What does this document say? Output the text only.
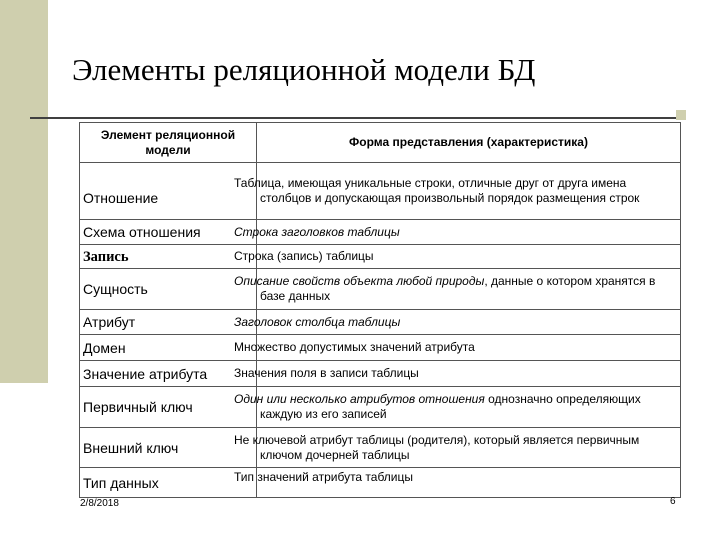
Элементы реляционной модели БД
Элемент реляционной модели	Форма представления (характеристика)
Отношение	Таблица, имеющая уникальные строки, отличные друг от друга имена столбцов и допускающая произвольный порядок размещения строк
Схема отношения	Строка заголовков таблицы
Запись	Строка (запись) таблицы
Сущность	Описание свойств объекта любой природы, данные о котором хранятся в базе данных
Атрибут	Заголовок столбца таблицы
Домен	Множество допустимых значений атрибута
Значение атрибута	Значения поля в записи таблицы
Первичный ключ	Один или несколько атрибутов отношения однозначно определяющих каждую из его записей
Внешний ключ	Не ключевой атрибут таблицы (родителя), который является первичным ключом дочерней таблицы
Тип данных	Тип значений атрибута таблицы
2/8/2018	6
